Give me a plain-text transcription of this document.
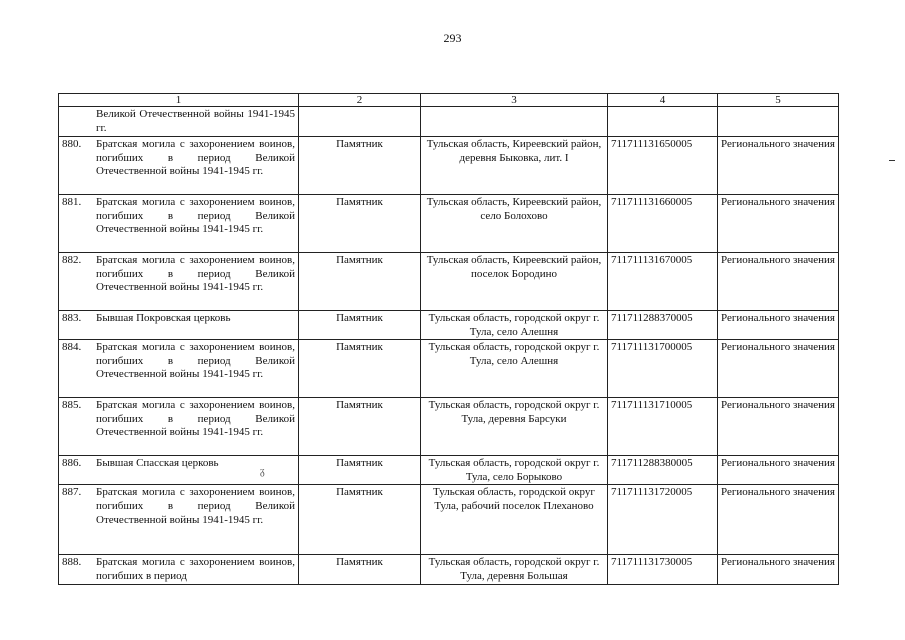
293
1	2	3	4	5

Великой Отечественной войны 1941-1945 гг.				

880. Братская могила с захоронением воинов, погибших в период Великой Отечественной войны 1941-1945 гг.	Памятник	Тульская область, Киреевский район, деревня Быковка, лит. I	711711131650005	Регионального значения

881. Братская могила с захоронением воинов, погибших в период Великой Отечественной войны 1941-1945 гг.	Памятник	Тульская область, Киреевский район, село Болохово	711711131660005	Регионального значения

882. Братская могила с захоронением воинов, погибших в период Великой Отечественной войны 1941-1945 гг.	Памятник	Тульская область, Киреевский район, поселок Бородино	711711131670005	Регионального значения

883. Бывшая Покровская церковь	Памятник	Тульская область, городской округ г. Тула, село Алешня	711711288370005	Регионального значения

884. Братская могила с захоронением воинов, погибших в период Великой Отечественной войны 1941-1945 гг.	Памятник	Тульская область, городской округ г. Тула, село Алешня	711711131700005	Регионального значения

885. Братская могила с захоронением воинов, погибших в период Великой Отечественной войны 1941-1945 гг.	Памятник	Тульская область, городской округ г. Тула, деревня Барсуки	711711131710005	Регионального значения

886. Бывшая Спасская церковь	Памятник	Тульская область, городской округ г. Тула, село Борыково	711711288380005	Регионального значения

887. Братская могила с захоронением воинов, погибших в период Великой Отечественной войны 1941-1945 гг.	Памятник	Тульская область, городской округ Тула, рабочий поселок Плеханово	711711131720005	Регионального значения

888. Братская могила с захоронением воинов, погибших в период	Памятник	Тульская область, городской округ г. Тула, деревня Большая	711711131730005	Регионального значения
ᵹ
